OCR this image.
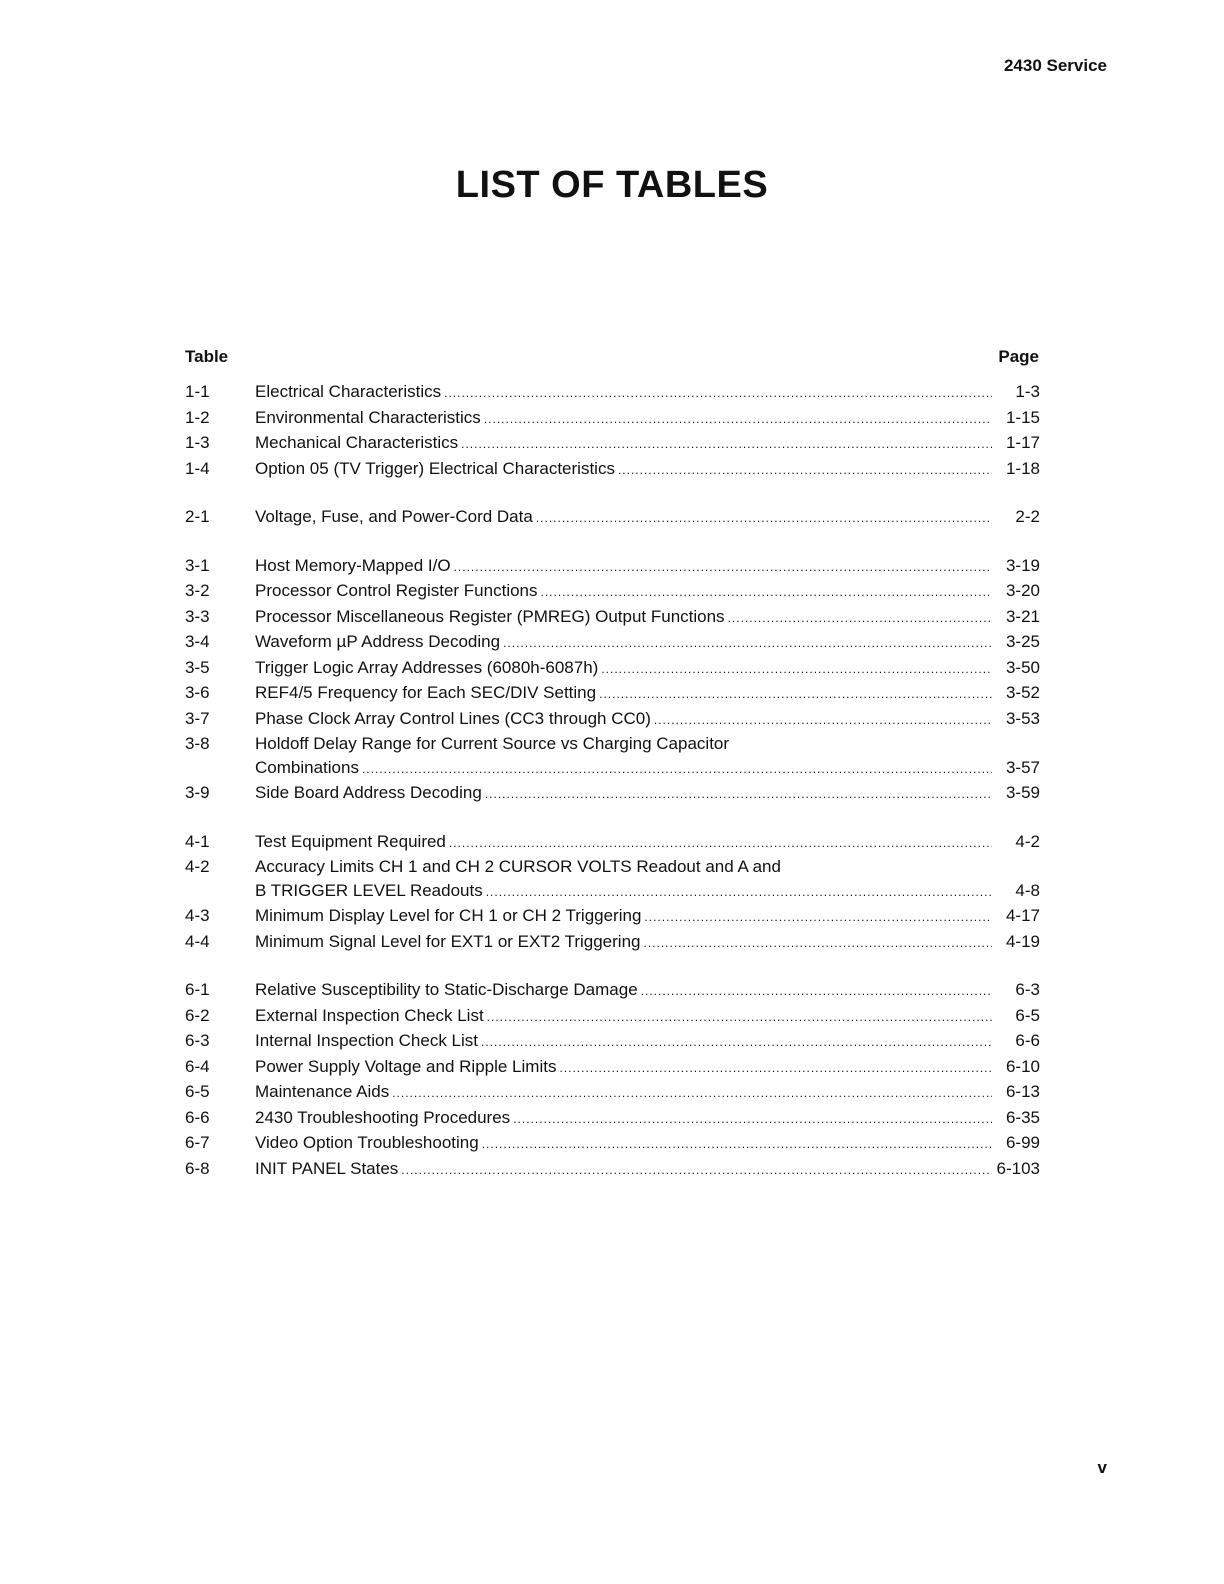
2430 Service
LIST OF TABLES
Table	Page
1-1	Electrical Characteristics .....	1-3
1-2	Environmental Characteristics .....	1-15
1-3	Mechanical Characteristics .....	1-17
1-4	Option 05 (TV Trigger) Electrical Characteristics .....	1-18
2-1	Voltage, Fuse, and Power-Cord Data .....	2-2
3-1	Host Memory-Mapped I/O .....	3-19
3-2	Processor Control Register Functions .....	3-20
3-3	Processor Miscellaneous Register (PMREG) Output Functions .....	3-21
3-4	Waveform µP Address Decoding .....	3-25
3-5	Trigger Logic Array Addresses (6080h-6087h) .....	3-50
3-6	REF4/5 Frequency for Each SEC/DIV Setting .....	3-52
3-7	Phase Clock Array Control Lines (CC3 through CC0) .....	3-53
3-8	Holdoff Delay Range for Current Source vs Charging Capacitor
Combinations .....	3-57
3-9	Side Board Address Decoding .....	3-59
4-1	Test Equipment Required .....	4-2
4-2	Accuracy Limits CH 1 and CH 2 CURSOR VOLTS Readout and A and
B TRIGGER LEVEL Readouts .....	4-8
4-3	Minimum Display Level for CH 1 or CH 2 Triggering .....	4-17
4-4	Minimum Signal Level for EXT1 or EXT2 Triggering .....	4-19
6-1	Relative Susceptibility to Static-Discharge Damage .....	6-3
6-2	External Inspection Check List .....	6-5
6-3	Internal Inspection Check List .....	6-6
6-4	Power Supply Voltage and Ripple Limits .....	6-10
6-5	Maintenance Aids .....	6-13
6-6	2430 Troubleshooting Procedures .....	6-35
6-7	Video Option Troubleshooting .....	6-99
6-8	INIT PANEL States .....	6-103
v
